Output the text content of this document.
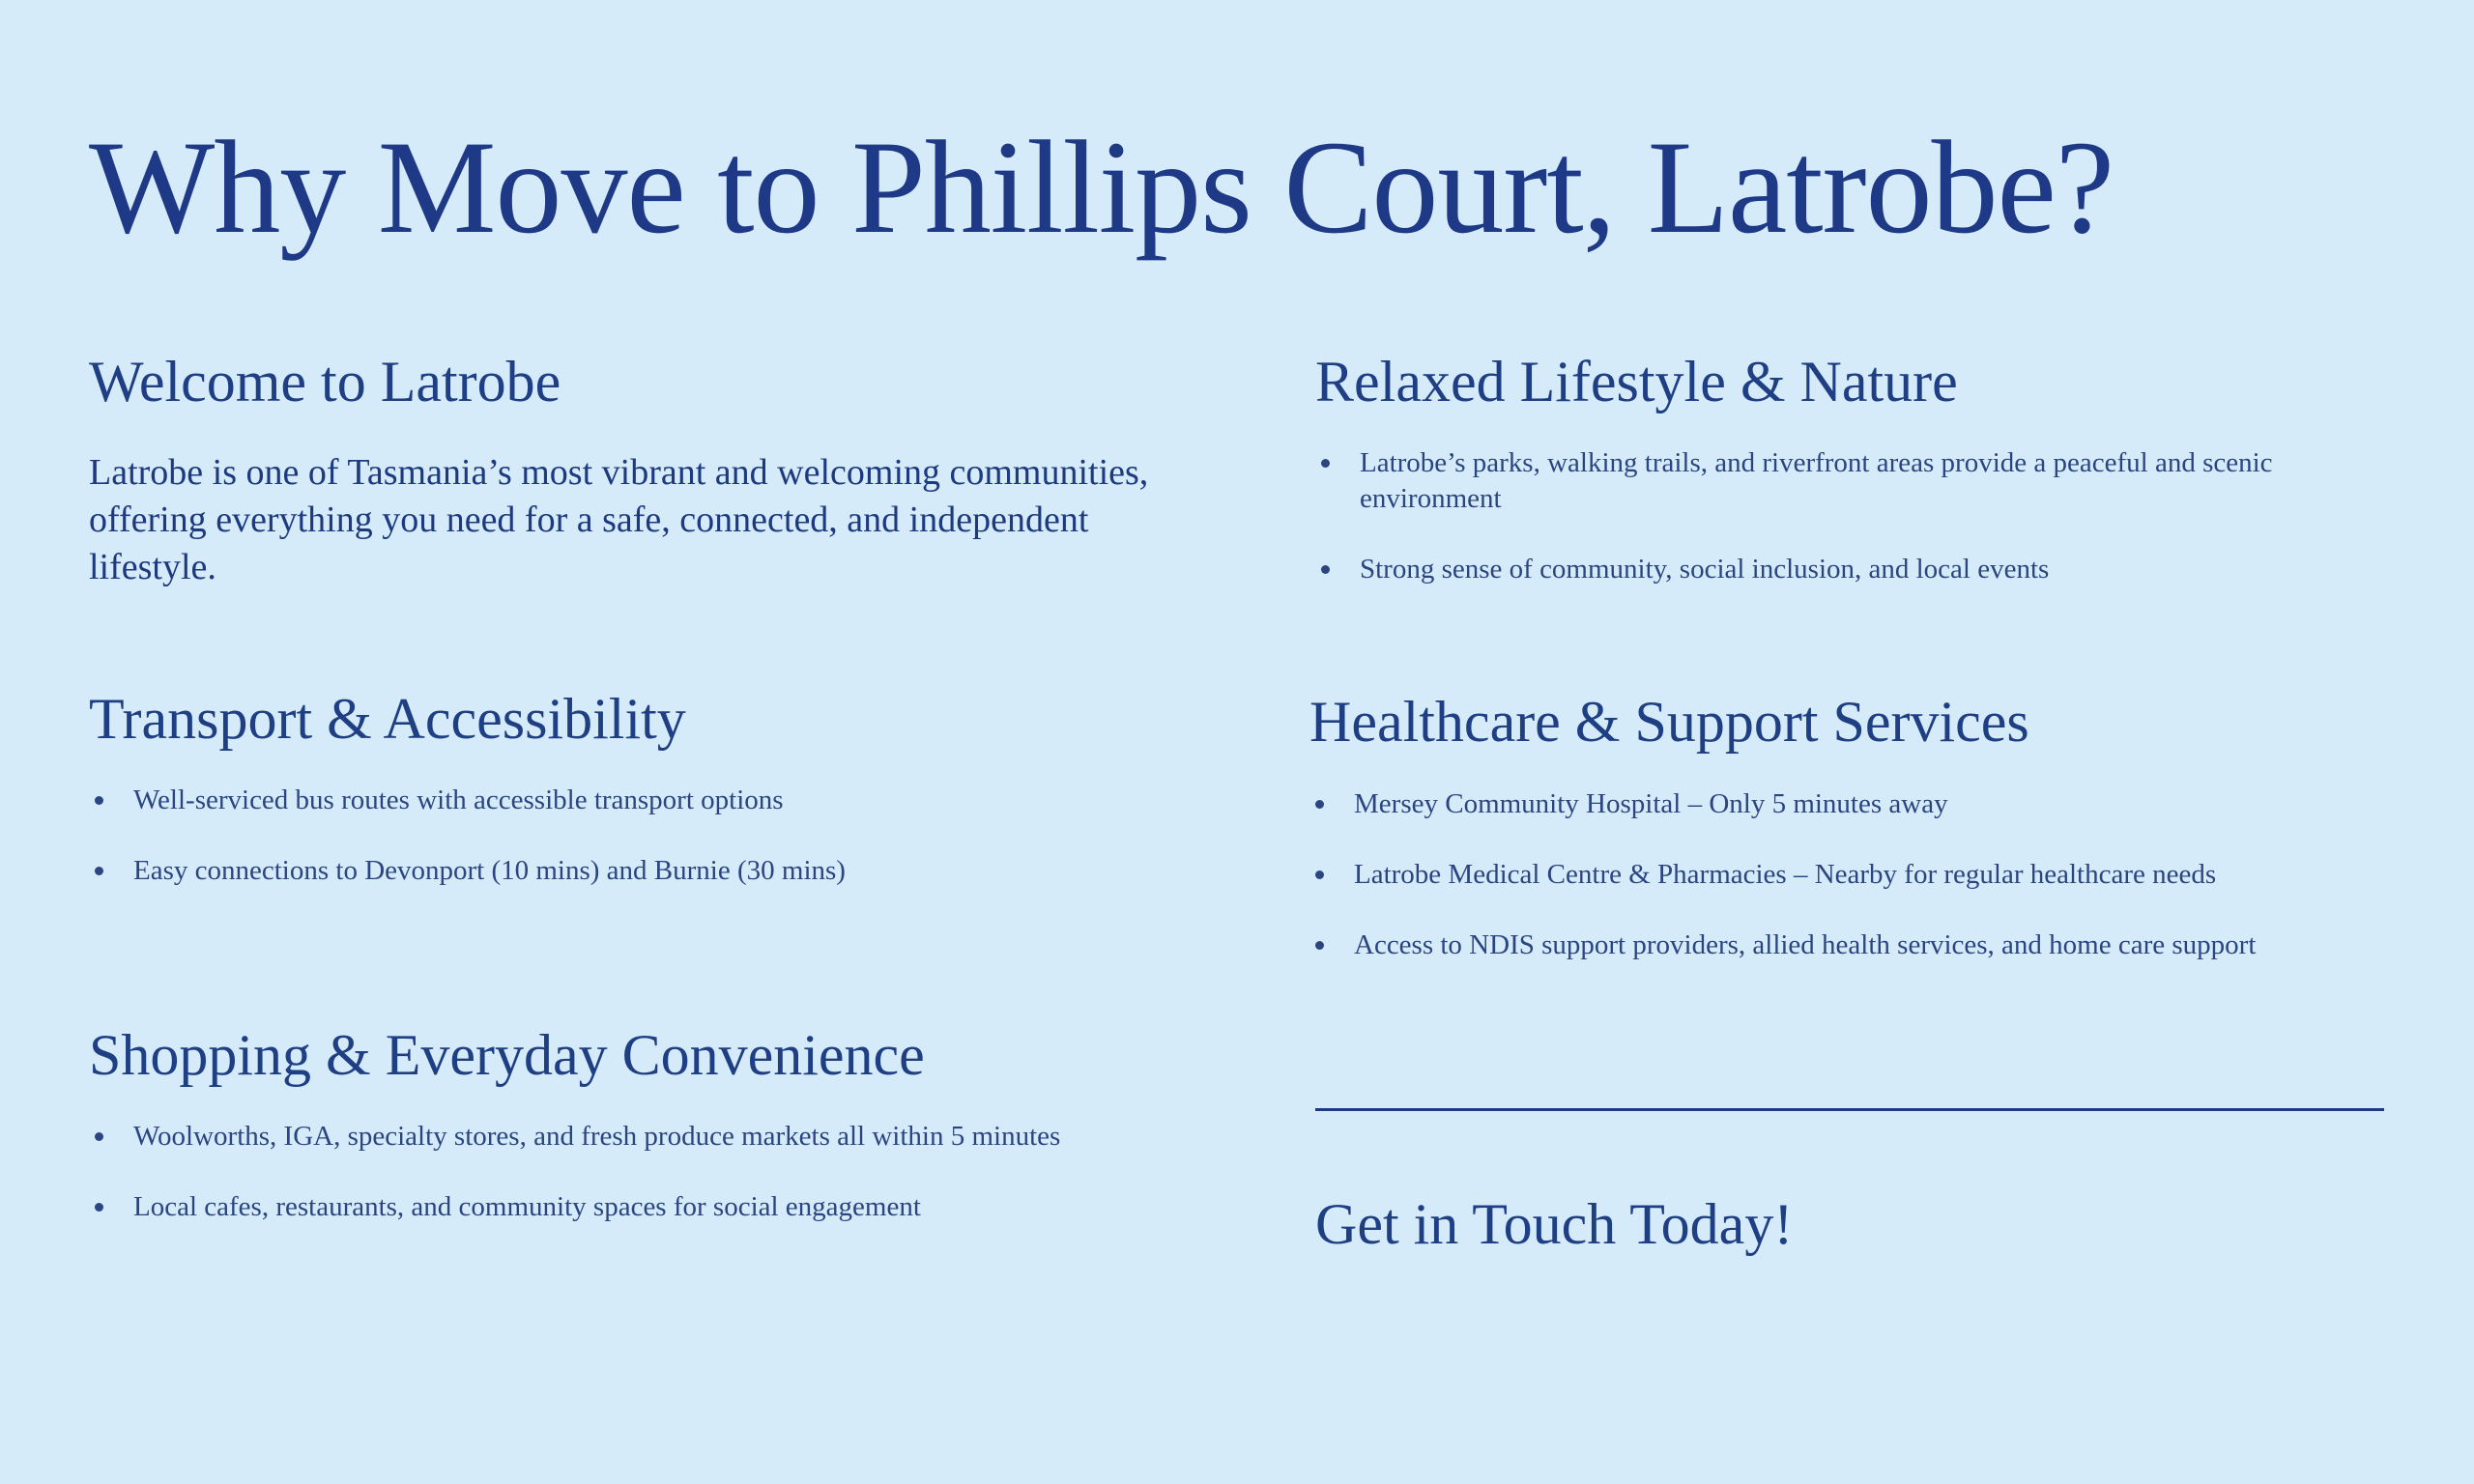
Why Move to Phillips Court, Latrobe?
Welcome to Latrobe

Latrobe is one of Tasmania’s most vibrant and welcoming communities, offering everything you need for a safe, connected, and independent lifestyle.

Transport & Accessibility
Well-serviced bus routes with accessible transport options
Easy connections to Devonport (10 mins) and Burnie (30 mins)
Shopping & Everyday Convenience
Woolworths, IGA, specialty stores, and fresh produce markets all within 5 minutes
Local cafes, restaurants, and community spaces for social engagement
Relaxed Lifestyle & Nature
Latrobe’s parks, walking trails, and riverfront areas provide a peaceful and scenic environment
Strong sense of community, social inclusion, and local events
Healthcare & Support Services
Mersey Community Hospital – Only 5 minutes away
Latrobe Medical Centre & Pharmacies – Nearby for regular healthcare needs
Access to NDIS support providers, allied health services, and home care support
Get in Touch Today!
